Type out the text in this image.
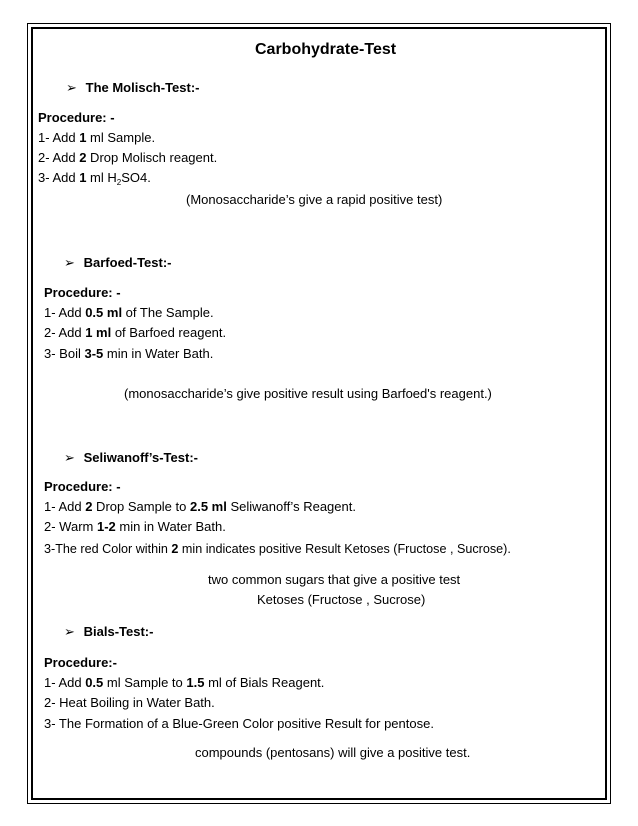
Carbohydrate-Test
➢ The Molisch-Test:-
Procedure: -
1- Add 1 ml Sample.
2- Add 2 Drop Molisch reagent.
3- Add 1 ml $H_2SO4$.
(Monosaccharide’s give a rapid positive test)
➢ Barfoed-Test:-
Procedure: -
1- Add 0.5 ml of The Sample.
2- Add 1 ml of Barfoed reagent.
3- Boil 3-5 min in Water Bath.
(monosaccharide’s give positive result using Barfoed's reagent.)
➢ Seliwanoff’s-Test:-
Procedure: -
1- Add 2 Drop Sample to 2.5 ml Seliwanoff’s Reagent.
2- Warm 1-2 min in Water Bath.
3-The red Color within 2 min indicates positive Result Ketoses (Fructose , Sucrose).
two common sugars that give a positive test
Ketoses (Fructose , Sucrose)
➢ Bials-Test:-
Procedure:-
1- Add 0.5 ml Sample to 1.5 ml of Bials Reagent.
2- Heat Boiling in Water Bath.
3- The Formation of a Blue-Green Color positive Result for pentose.
compounds (pentosans) will give a positive test.
